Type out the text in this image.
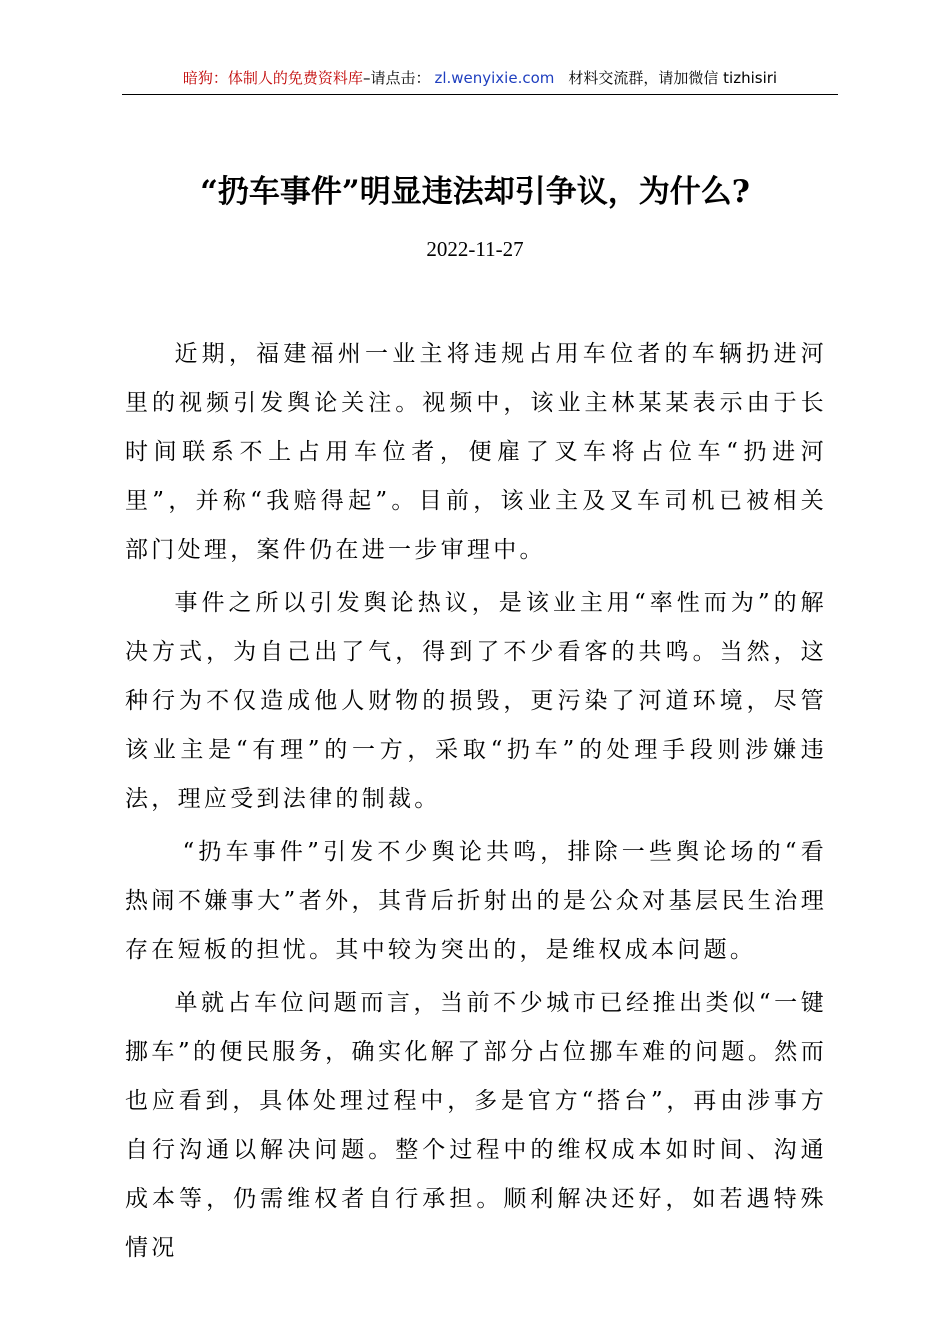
暗狗：体制人的免费资料库–请点击： zl.wenyixie.com 材料交流群，请加微信 tizhisiri
“扔车事件”明显违法却引争议，为什么?
2022-11-27

近期，福建福州一业主将违规占用车位者的车辆扔进河里的视频引发舆论关注。视频中，该业主林某某表示由于长时间联系不上占用车位者，便雇了叉车将占位车“扔进河里”，并称“我赔得起”。目前，该业主及叉车司机已被相关部门处理，案件仍在进一步审理中。

事件之所以引发舆论热议，是该业主用“率性而为”的解决方式，为自己出了气，得到了不少看客的共鸣。当然，这种行为不仅造成他人财物的损毁，更污染了河道环境，尽管该业主是“有理”的一方，采取“扔车”的处理手段则涉嫌违法，理应受到法律的制裁。

“扔车事件”引发不少舆论共鸣，排除一些舆论场的“看热闹不嫌事大”者外，其背后折射出的是公众对基层民生治理存在短板的担忧。其中较为突出的，是维权成本问题。

单就占车位问题而言，当前不少城市已经推出类似“一键挪车”的便民服务，确实化解了部分占位挪车难的问题。然而也应看到，具体处理过程中，多是官方“搭台”，再由涉事方自行沟通以解决问题。整个过程中的维权成本如时间、沟通成本等，仍需维权者自行承担。顺利解决还好，如若遇特殊情况
